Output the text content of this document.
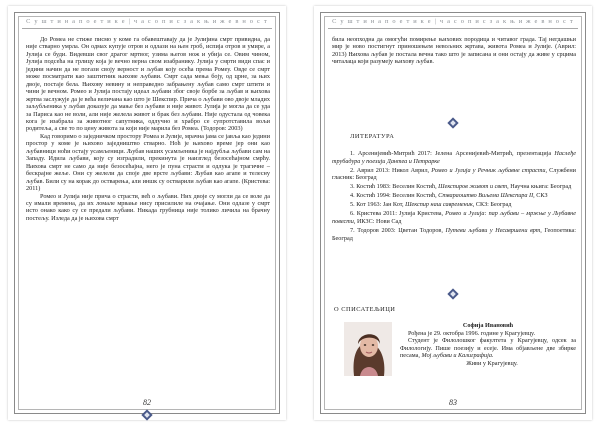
С у ш т и н а п о е т и к е | ч а с о п и с з а к њ и ж е в н о с т

До Ромеа не стиже писмо у коме га обавештавају да је Јулијина смрт привидна, да није стварно умрла. Он одмах купује отров и одлази на њен гроб, испија отров и умире, а Јулија се буди. Видевши свог драгог мртвог, узима његов нож и убија се. Овим чином, Јулија подсећа на грлицу која је вечно верна свом изабранику. Јулија у смрти види спас и једини начин да не погази своју верност и љубав коју осећа према Ромеу. Овде се смрт може посматрати као заштитник њихове љубави. Смрт сада мења боју, од црне, за њих двоје, постаје бела. Њихову невину и неправедно забрањену љубав само смрт штити и чини је вечном. Ромео и Јулија постају идеал љубави због своје борбе за љубав и њихова жртва заслужује да је већа величана као што је Шекспир. Прича о љубави ово двоје младих заљубљеника у љубав доказује да мање без љубави и није живот. Јулија је могла да се уда за Париса као не воли, али није желела живот и брак без љубави. Није одустала од човека кога је изабрала за животног сапутника, одлучно и храбро се супротставила вољи родитеља, а све то по цену живота за који није марила без Ромеа. (Тодоров: 2003)

Кад говоримо о заједничком простору Ромеа и Јулије, мрачна јама се јавља као једини простор у коме је њихово заједништво стварно. Ноћ је њихово време јер они као љубавници ноћи остају усамљеници. Љубав наших усамљеника је најдубља љубави сам на Западу. Идила љубави, коју су изградили, прекинута је наизглед безосећајном смрћу. Њихова смрт не само да није безосећајна, него је пуна страсти и одлука је трагичне – бескрајне жеље. Они су желели да споје две врсте љубави: Љубав као агапе и телесну љубав. Били су на корак до остварења, али иншк су остварили љубав као агапе. (Кристева: 2011)

Ромео и Јулија није прича о страсти, већ о љубави. Них двоје су могли да се воле да су имали времена, да их ломале мрвање нису присилиле на очајање. Они одлазе у смрт исто онако како су се предали љубави. Никада грубница није толико личила на брачну постељу. Изледа да је њихова смрт

82
С у ш т и н а п о е т и к е | ч а с о п и с з а к њ и ж е в н о с т

била неопходна да омогући помирење њихових породица и читавог града. Тај негдашњи мир је ново постигнут приношењем невољних жртава, живота Ромеа и Јулије. (Аврил: 2013) Њихова љубав је постала вечна тако што је записана и они остају да живе у срцима читалаца који разумеју њихову љубав.

ЛИТЕРАТУРА

1. Арсенијевић-Митрић 2017: Јелена Арсенијевић-Митрић, презентација Наслеђе трубадура у поезији Дантеа и Петрарке

2. Аврил 2013: Никол Аврил, Ромео и Јулија у Речник љубавне страсти, Службени гласник: Београд

3. Костић 1983: Веселин Костић, Шекспиров живот и свет, Научна књига: Београд

4. Костић 1994: Веселин Костић, Ствараоштво Виљема Шекспира II, СКЗ

5. Кот 1963: Јан Кот, Шекспир наш савременик, СКЗ: Београд

6. Кристева 2011: Јулија Кристева, Ромео и Јулија: пар љубави – мржње у Љубавне повести, ИКЗС: Нови Сад

7. Тодоров 2003: Цветан Тодоров, Путеви љубави у Несавршени врт, Геопоетика: Београд

О СПИСАТЕЉИЦИ
Софија Ивановић

Рођена је 29. октобра 1996. године у Крагујевцу.

Студент је Филолошког факултета у Крагујевцу, одсек за Филологију. Пише поезију и есеје. Има објављене две збирке песама, Мој љубави и Калиграфија.

Живи у Крагујевцу.

83
